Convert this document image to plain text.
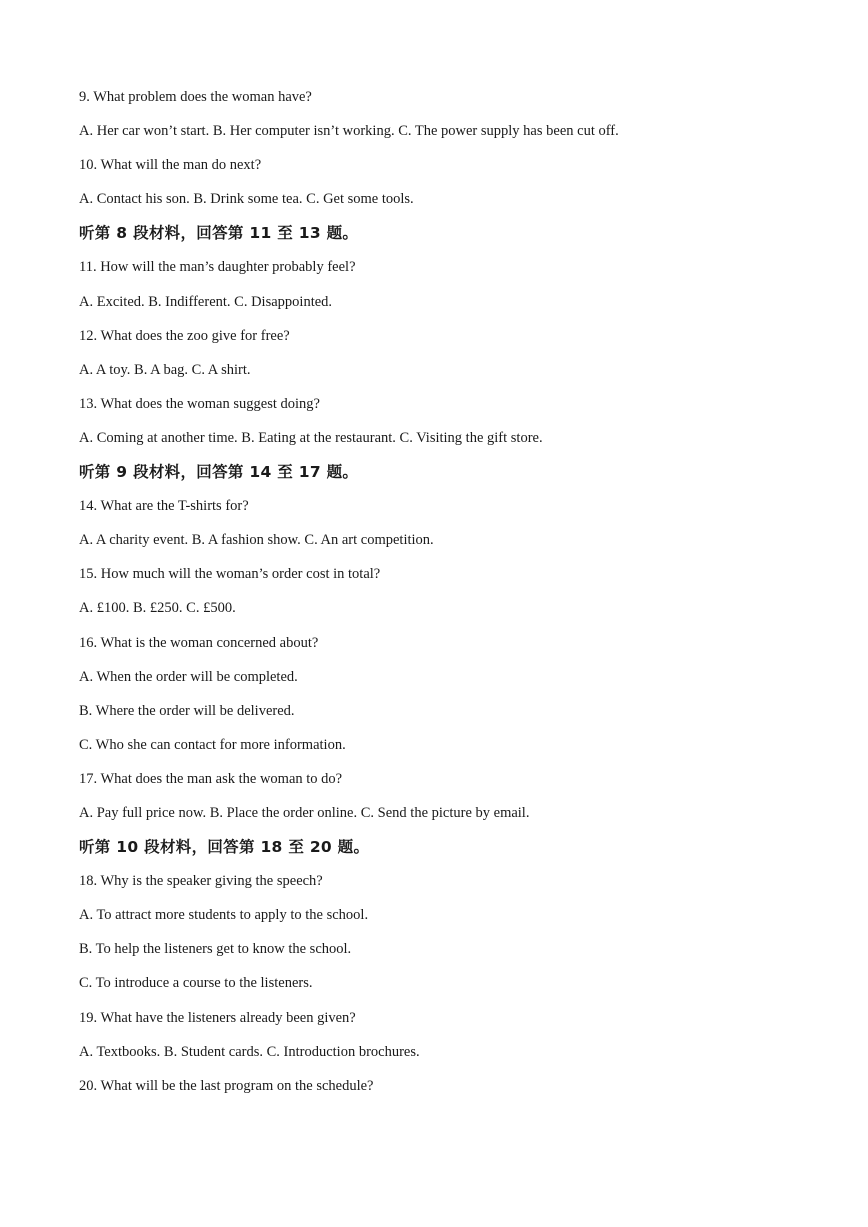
9. What problem does the woman have?
A. Her car won’t start. B. Her computer isn’t working. C. The power supply has been cut off.
10. What will the man do next?
A. Contact his son. B. Drink some tea. C. Get some tools.
听第 8 段材料，回答第 11 至 13 题。
11. How will the man’s daughter probably feel?
A. Excited. B. Indifferent. C. Disappointed.
12. What does the zoo give for free?
A. A toy. B. A bag. C. A shirt.
13. What does the woman suggest doing?
A. Coming at another time. B. Eating at the restaurant. C. Visiting the gift store.
听第 9 段材料，回答第 14 至 17 题。
14. What are the T-shirts for?
A. A charity event. B. A fashion show. C. An art competition.
15. How much will the woman’s order cost in total?
A. £100. B. £250. C. £500.
16. What is the woman concerned about?
A. When the order will be completed.
B. Where the order will be delivered.
C. Who she can contact for more information.
17. What does the man ask the woman to do?
A. Pay full price now. B. Place the order online. C. Send the picture by email.
听第 10 段材料，回答第 18 至 20 题。
18. Why is the speaker giving the speech?
A. To attract more students to apply to the school.
B. To help the listeners get to know the school.
C. To introduce a course to the listeners.
19. What have the listeners already been given?
A. Textbooks. B. Student cards. C. Introduction brochures.
20. What will be the last program on the schedule?
